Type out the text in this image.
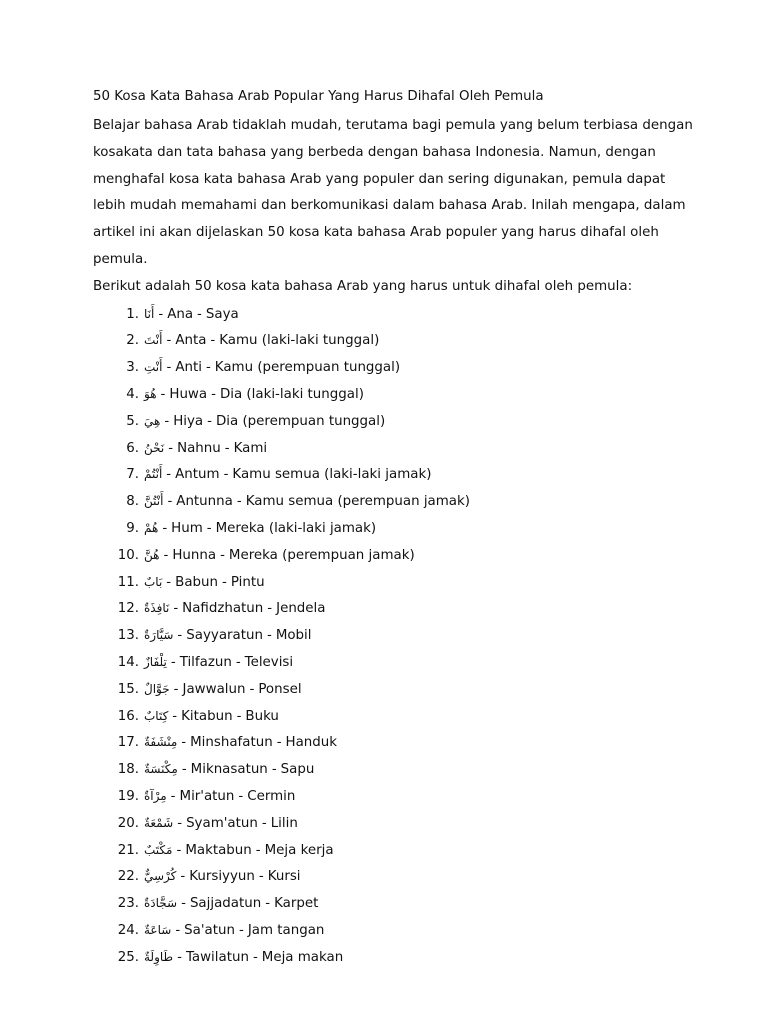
50 Kosa Kata Bahasa Arab Popular Yang Harus Dihafal Oleh Pemula

Belajar bahasa Arab tidaklah mudah, terutama bagi pemula yang belum terbiasa dengan kosakata dan tata bahasa yang berbeda dengan bahasa Indonesia. Namun, dengan menghafal kosa kata bahasa Arab yang populer dan sering digunakan, pemula dapat lebih mudah memahami dan berkomunikasi dalam bahasa Arab. Inilah mengapa, dalam artikel ini akan dijelaskan 50 kosa kata bahasa Arab populer yang harus dihafal oleh pemula.

Berikut adalah 50 kosa kata bahasa Arab yang harus untuk dihafal oleh pemula:

1. أَنَا - Ana - Saya
2. أَنْتَ - Anta - Kamu (laki-laki tunggal)
3. أَنْتِ - Anti - Kamu (perempuan tunggal)
4. هُوَ - Huwa - Dia (laki-laki tunggal)
5. هِيَ - Hiya - Dia (perempuan tunggal)
6. نَحْنُ - Nahnu - Kami
7. أَنْتُمْ - Antum - Kamu semua (laki-laki jamak)
8. أَنْتُنَّ - Antunna - Kamu semua (perempuan jamak)
9. هُمْ - Hum - Mereka (laki-laki jamak)
10. هُنَّ - Hunna - Mereka (perempuan jamak)
11. بَابٌ - Babun - Pintu
12. نَافِذَةٌ - Nafidzhatun - Jendela
13. سَيَّارَةٌ - Sayyaratun - Mobil
14. تِلْفَازٌ - Tilfazun - Televisi
15. جَوَّالٌ - Jawwalun - Ponsel
16. كِتَابٌ - Kitabun - Buku
17. مِنْشَفَةٌ - Minshafatun - Handuk
18. مِكْنَسَةٌ - Miknasatun - Sapu
19. مِرْآةٌ - Mir'atun - Cermin
20. شَمْعَةٌ - Syam'atun - Lilin
21. مَكْتَبٌ - Maktabun - Meja kerja
22. كُرْسِيٌّ - Kursiyyun - Kursi
23. سَجَّادَةٌ - Sajjadatun - Karpet
24. سَاعَةٌ - Sa'atun - Jam tangan
25. طَاوِلَةٌ - Tawilatun - Meja makan
